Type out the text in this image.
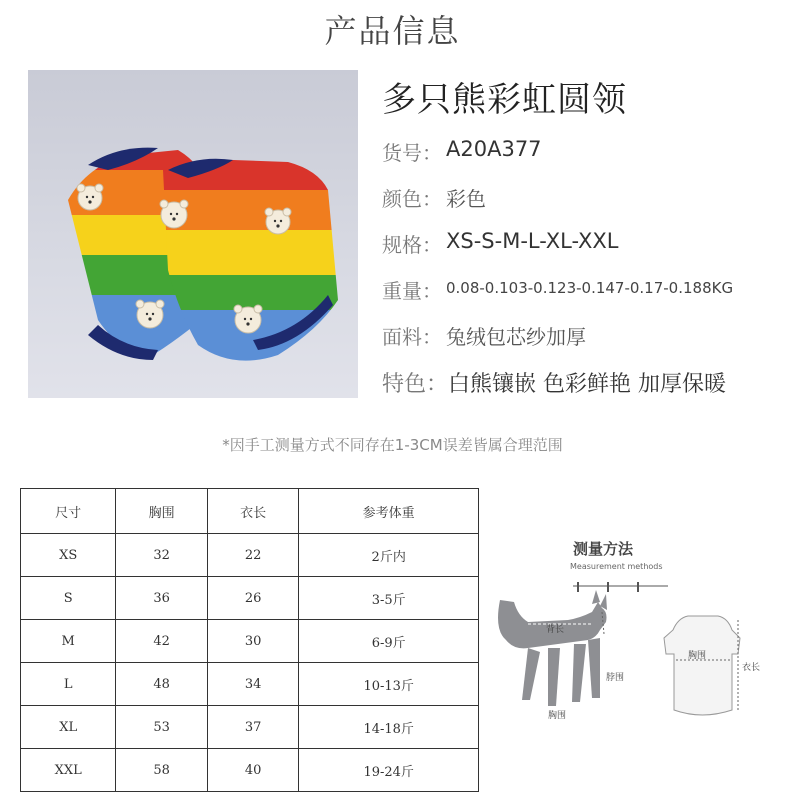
产品信息
多只熊彩虹圆领
货号： A20A377
颜色： 彩色
规格： XS-S-M-L-XL-XXL
重量： 0.08-0.103-0.123-0.147-0.17-0.188KG
面料： 兔绒包芯纱加厚
特色： 白熊镶嵌 色彩鲜艳 加厚保暖
*因手工测量方式不同存在1-3CM误差皆属合理范围
尺寸	胸围	衣长	参考体重
XS	32	22	2斤内
S	36	26	3-5斤
M	42	30	6-9斤
L	48	34	10-13斤
XL	53	37	14-18斤
XXL	58	40	19-24斤
测量方法
Measurement methods
背长
脖围
胸围
胸围
衣长
